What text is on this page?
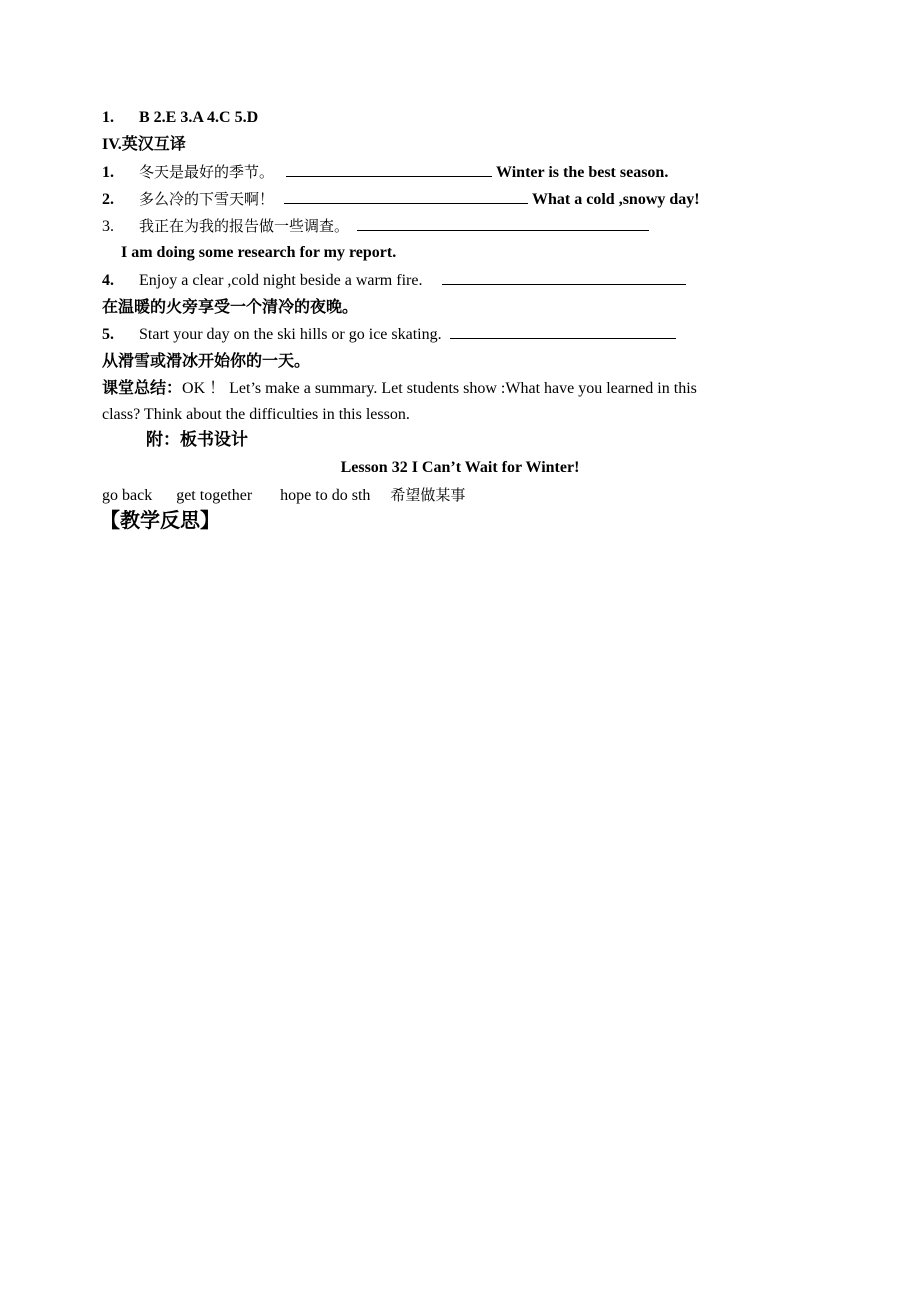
1. B 2.E 3.A 4.C 5.D
IV.英汉互译
1. 冬天是最好的季节。	Winter is the best season.
2. 多么冷的下雪天啊！	What a cold ,snowy day!
3. 我正在为我的报告做一些调查。
I am doing some research for my report.
4. Enjoy a clear ,cold night beside a warm fire.
在温暖的火旁享受一个清冷的夜晚。
5. Start your day on the ski hills or go ice skating.
从滑雪或滑冰开始你的一天。
课堂总结：OK ！ Let’s make a summary. Let students show :What have you learned in this
class? Think about the difficulties in this lesson.
附：板书设计
Lesson 32 I Can’t Wait for Winter!
go back get together hope to do sth 希望做某事
【教学反思】
